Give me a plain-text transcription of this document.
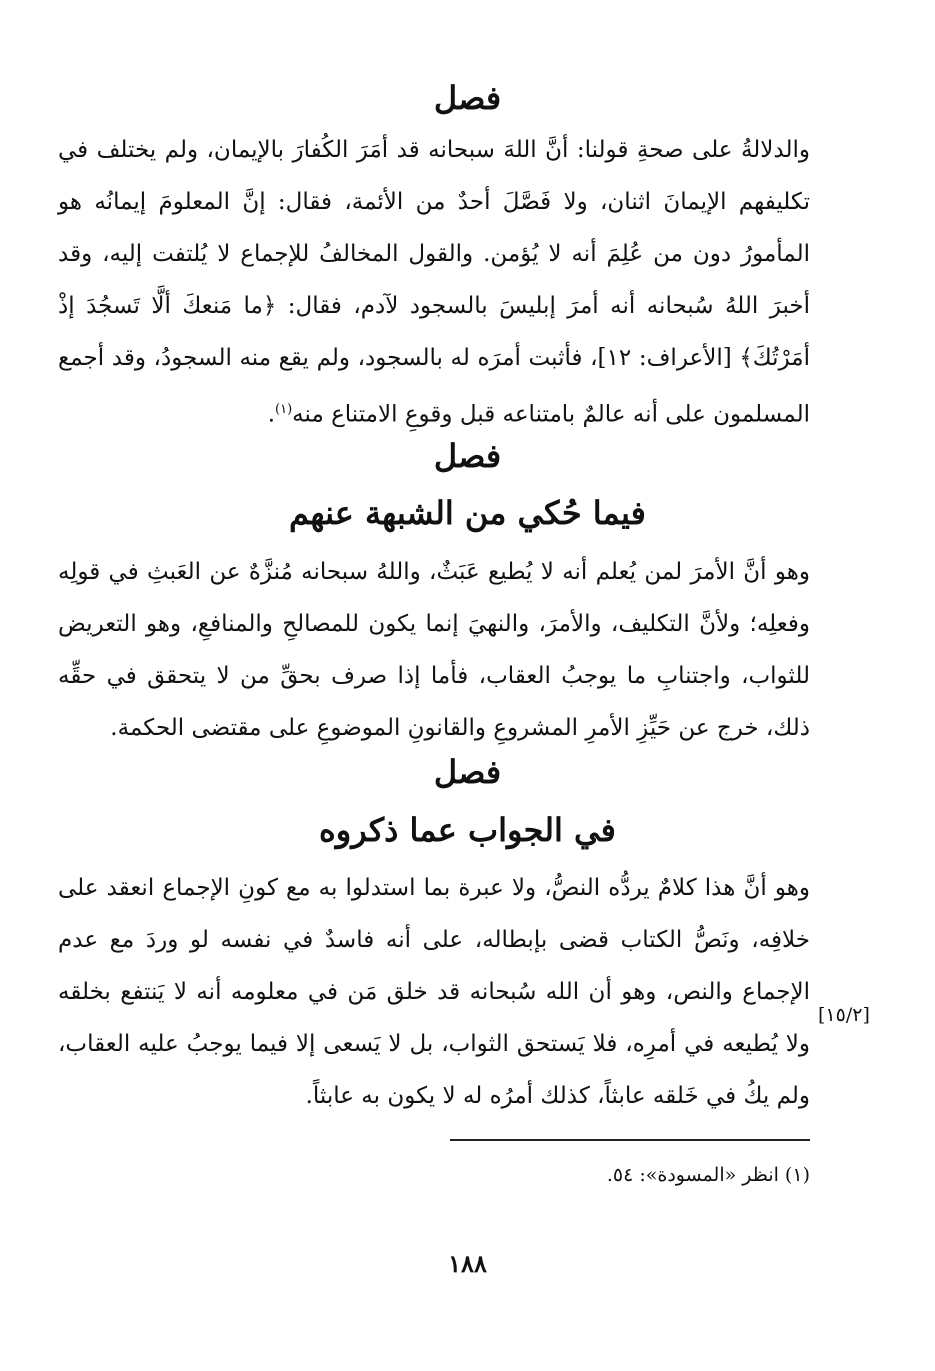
فصل

والدلالةُ على صحةِ قولنا: أنَّ اللهَ سبحانه قد أمَرَ الكُفارَ بالإيمان، ولم يختلف في تكليفهم الإيمانَ اثنان، ولا فَصَّلَ أحدٌ من الأئمة، فقال: إنَّ المعلومَ إيمانُه هو المأمورُ دون من عُلِمَ أنه لا يُؤمن. والقول المخالفُ للإجماع لا يُلتفت إليه، وقد أخبرَ اللهُ سُبحانه أنه أمرَ إبليسَ بالسجود لآدم، فقال: ﴿ما مَنعكَ ألَّا تَسجُدَ إذْ أمَرْتُكَ﴾ [الأعراف: ١٢]، فأثبت أمرَه له بالسجود، ولم يقع منه السجودُ، وقد أجمع المسلمون على أنه عالمٌ بامتناعه قبل وقوعِ الامتناع منه$^{(١)}$.

فصل
فيما حُكي من الشبهة عنهم

وهو أنَّ الأمرَ لمن يُعلم أنه لا يُطيع عَبَثٌ، واللهُ سبحانه مُنزَّهٌ عن العَبثِ في قولِه وفعلِه؛ ولأنَّ التكليف، والأمرَ، والنهيَ إنما يكون للمصالحِ والمنافعِ، وهو التعريض للثواب، واجتنابِ ما يوجبُ العقاب، فأما إذا صرف بحقِّ من لا يتحقق في حقِّه ذلك، خرج عن حَيِّزِ الأمرِ المشروعِ والقانونِ الموضوعِ على مقتضى الحكمة.

فصل
في الجواب عما ذكروه

وهو أنَّ هذا كلامٌ يردُّه النصُّ، ولا عبرة بما استدلوا به مع كونِ الإجماع انعقد على خلافِه، ونَصُّ الكتاب قضى بإبطاله، على أنه فاسدٌ في نفسه لو وردَ مع عدم الإجماع والنص، وهو أن الله سُبحانه قد خلق مَن في معلومه أنه لا يَنتفع بخلقه ولا يُطيعه في أمرِه، فلا يَستحق الثواب، بل لا يَسعى إلا فيما يوجبُ عليه العقاب، ولم يكُ في خَلقه عابثاً، كذلك أمرُه له لا يكون به عابثاً.

[١٥/٢]
(١) انظر «المسودة»: ٥٤.
١٨٨
